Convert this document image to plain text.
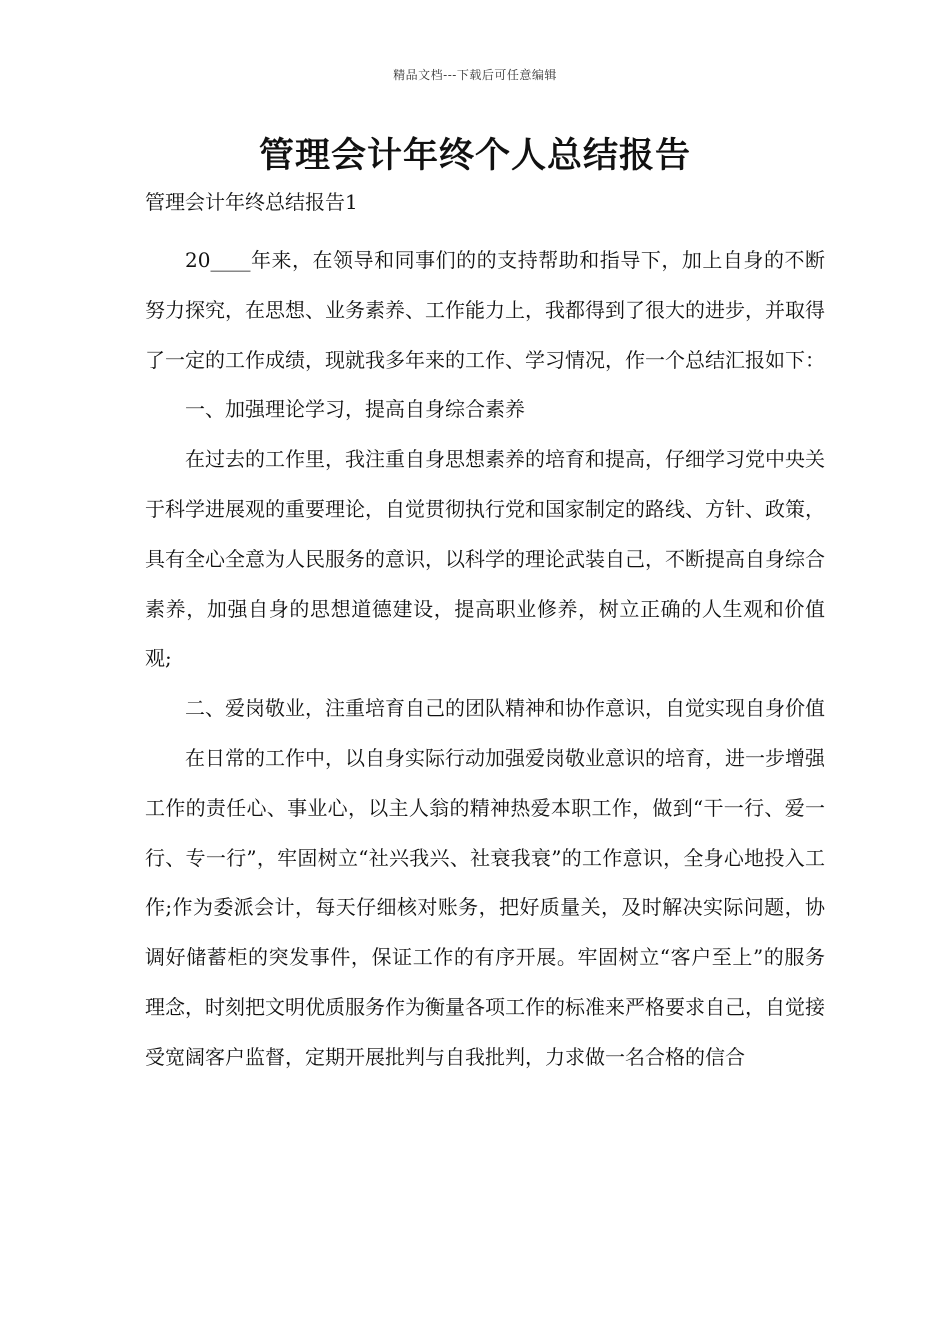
精品文档---下载后可任意编辑
管理会计年终个人总结报告

管理会计年终总结报告1

20____年来，在领导和同事们的的支持帮助和指导下，加上自身的不断努力探究，在思想、业务素养、工作能力上，我都得到了很大的进步，并取得了一定的工作成绩，现就我多年来的工作、学习情况，作一个总结汇报如下：

一、加强理论学习，提高自身综合素养

在过去的工作里，我注重自身思想素养的培育和提高，仔细学习党中央关于科学进展观的重要理论，自觉贯彻执行党和国家制定的路线、方针、政策，具有全心全意为人民服务的意识，以科学的理论武装自己，不断提高自身综合素养，加强自身的思想道德建设，提高职业修养，树立正确的人生观和价值观;

二、爱岗敬业，注重培育自己的团队精神和协作意识，自觉实现自身价值

在日常的工作中，以自身实际行动加强爱岗敬业意识的培育，进一步增强工作的责任心、事业心，以主人翁的精神热爱本职工作，做到“干一行、爱一行、专一行”，牢固树立“社兴我兴、社衰我衰”的工作意识，全身心地投入工作;作为委派会计，每天仔细核对账务，把好质量关，及时解决实际问题，协调好储蓄柜的突发事件，保证工作的有序开展。牢固树立“客户至上”的服务理念，时刻把文明优质服务作为衡量各项工作的标准来严格要求自己，自觉接受宽阔客户监督，定期开展批判与自我批判，力求做一名合格的信合
